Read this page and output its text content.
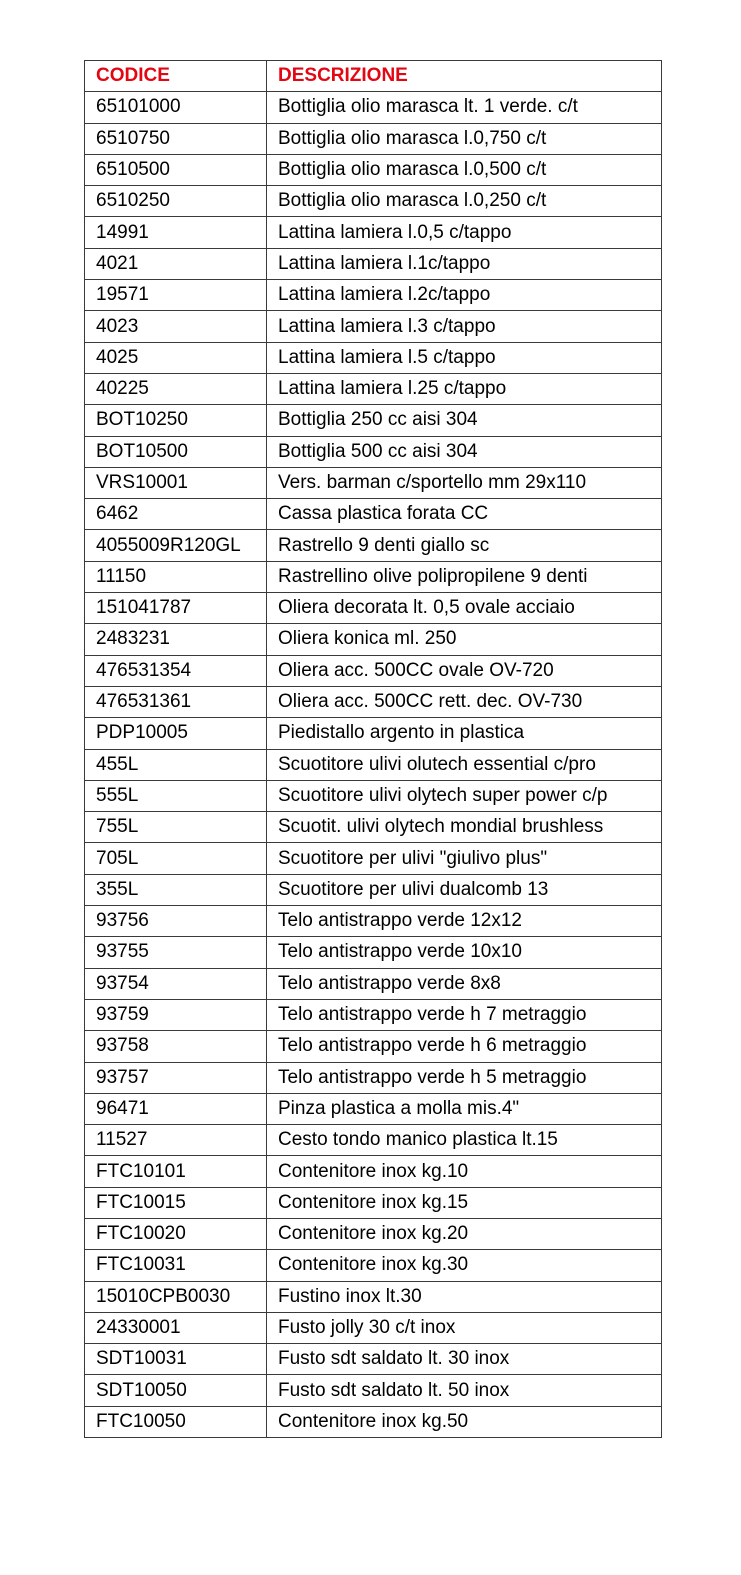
CODICE	DESCRIZIONE
65101000	Bottiglia olio marasca lt. 1 verde. c/t
6510750	Bottiglia olio marasca l.0,750 c/t
6510500	Bottiglia olio marasca l.0,500 c/t
6510250	Bottiglia olio marasca l.0,250 c/t
14991	Lattina lamiera l.0,5 c/tappo
4021	Lattina lamiera l.1c/tappo
19571	Lattina lamiera l.2c/tappo
4023	Lattina lamiera l.3 c/tappo
4025	Lattina lamiera l.5 c/tappo
40225	Lattina lamiera l.25 c/tappo
BOT10250	Bottiglia 250 cc aisi 304
BOT10500	Bottiglia 500 cc aisi 304
VRS10001	Vers. barman c/sportello mm 29x110
6462	Cassa plastica forata CC
4055009R120GL	Rastrello 9 denti giallo sc
11150	Rastrellino olive polipropilene 9 denti
151041787	Oliera decorata lt. 0,5 ovale acciaio
2483231	Oliera konica ml. 250
476531354	Oliera acc. 500CC ovale OV-720
476531361	Oliera acc. 500CC rett. dec. OV-730
PDP10005	Piedistallo argento in plastica
455L	Scuotitore ulivi olutech essential c/pro
555L	Scuotitore ulivi olytech super power c/p
755L	Scuotit. ulivi olytech mondial brushless
705L	Scuotitore per ulivi "giulivo plus"
355L	Scuotitore per ulivi dualcomb 13
93756	Telo antistrappo verde 12x12
93755	Telo antistrappo verde 10x10
93754	Telo antistrappo verde 8x8
93759	Telo antistrappo verde h 7 metraggio
93758	Telo antistrappo verde h 6 metraggio
93757	Telo antistrappo verde h 5 metraggio
96471	Pinza plastica a molla mis.4"
11527	Cesto tondo manico plastica lt.15
FTC10101	Contenitore inox kg.10
FTC10015	Contenitore inox kg.15
FTC10020	Contenitore inox kg.20
FTC10031	Contenitore inox kg.30
15010CPB0030	Fustino inox lt.30
24330001	Fusto jolly 30 c/t inox
SDT10031	Fusto sdt saldato lt. 30 inox
SDT10050	Fusto sdt saldato lt. 50 inox
FTC10050	Contenitore inox kg.50
